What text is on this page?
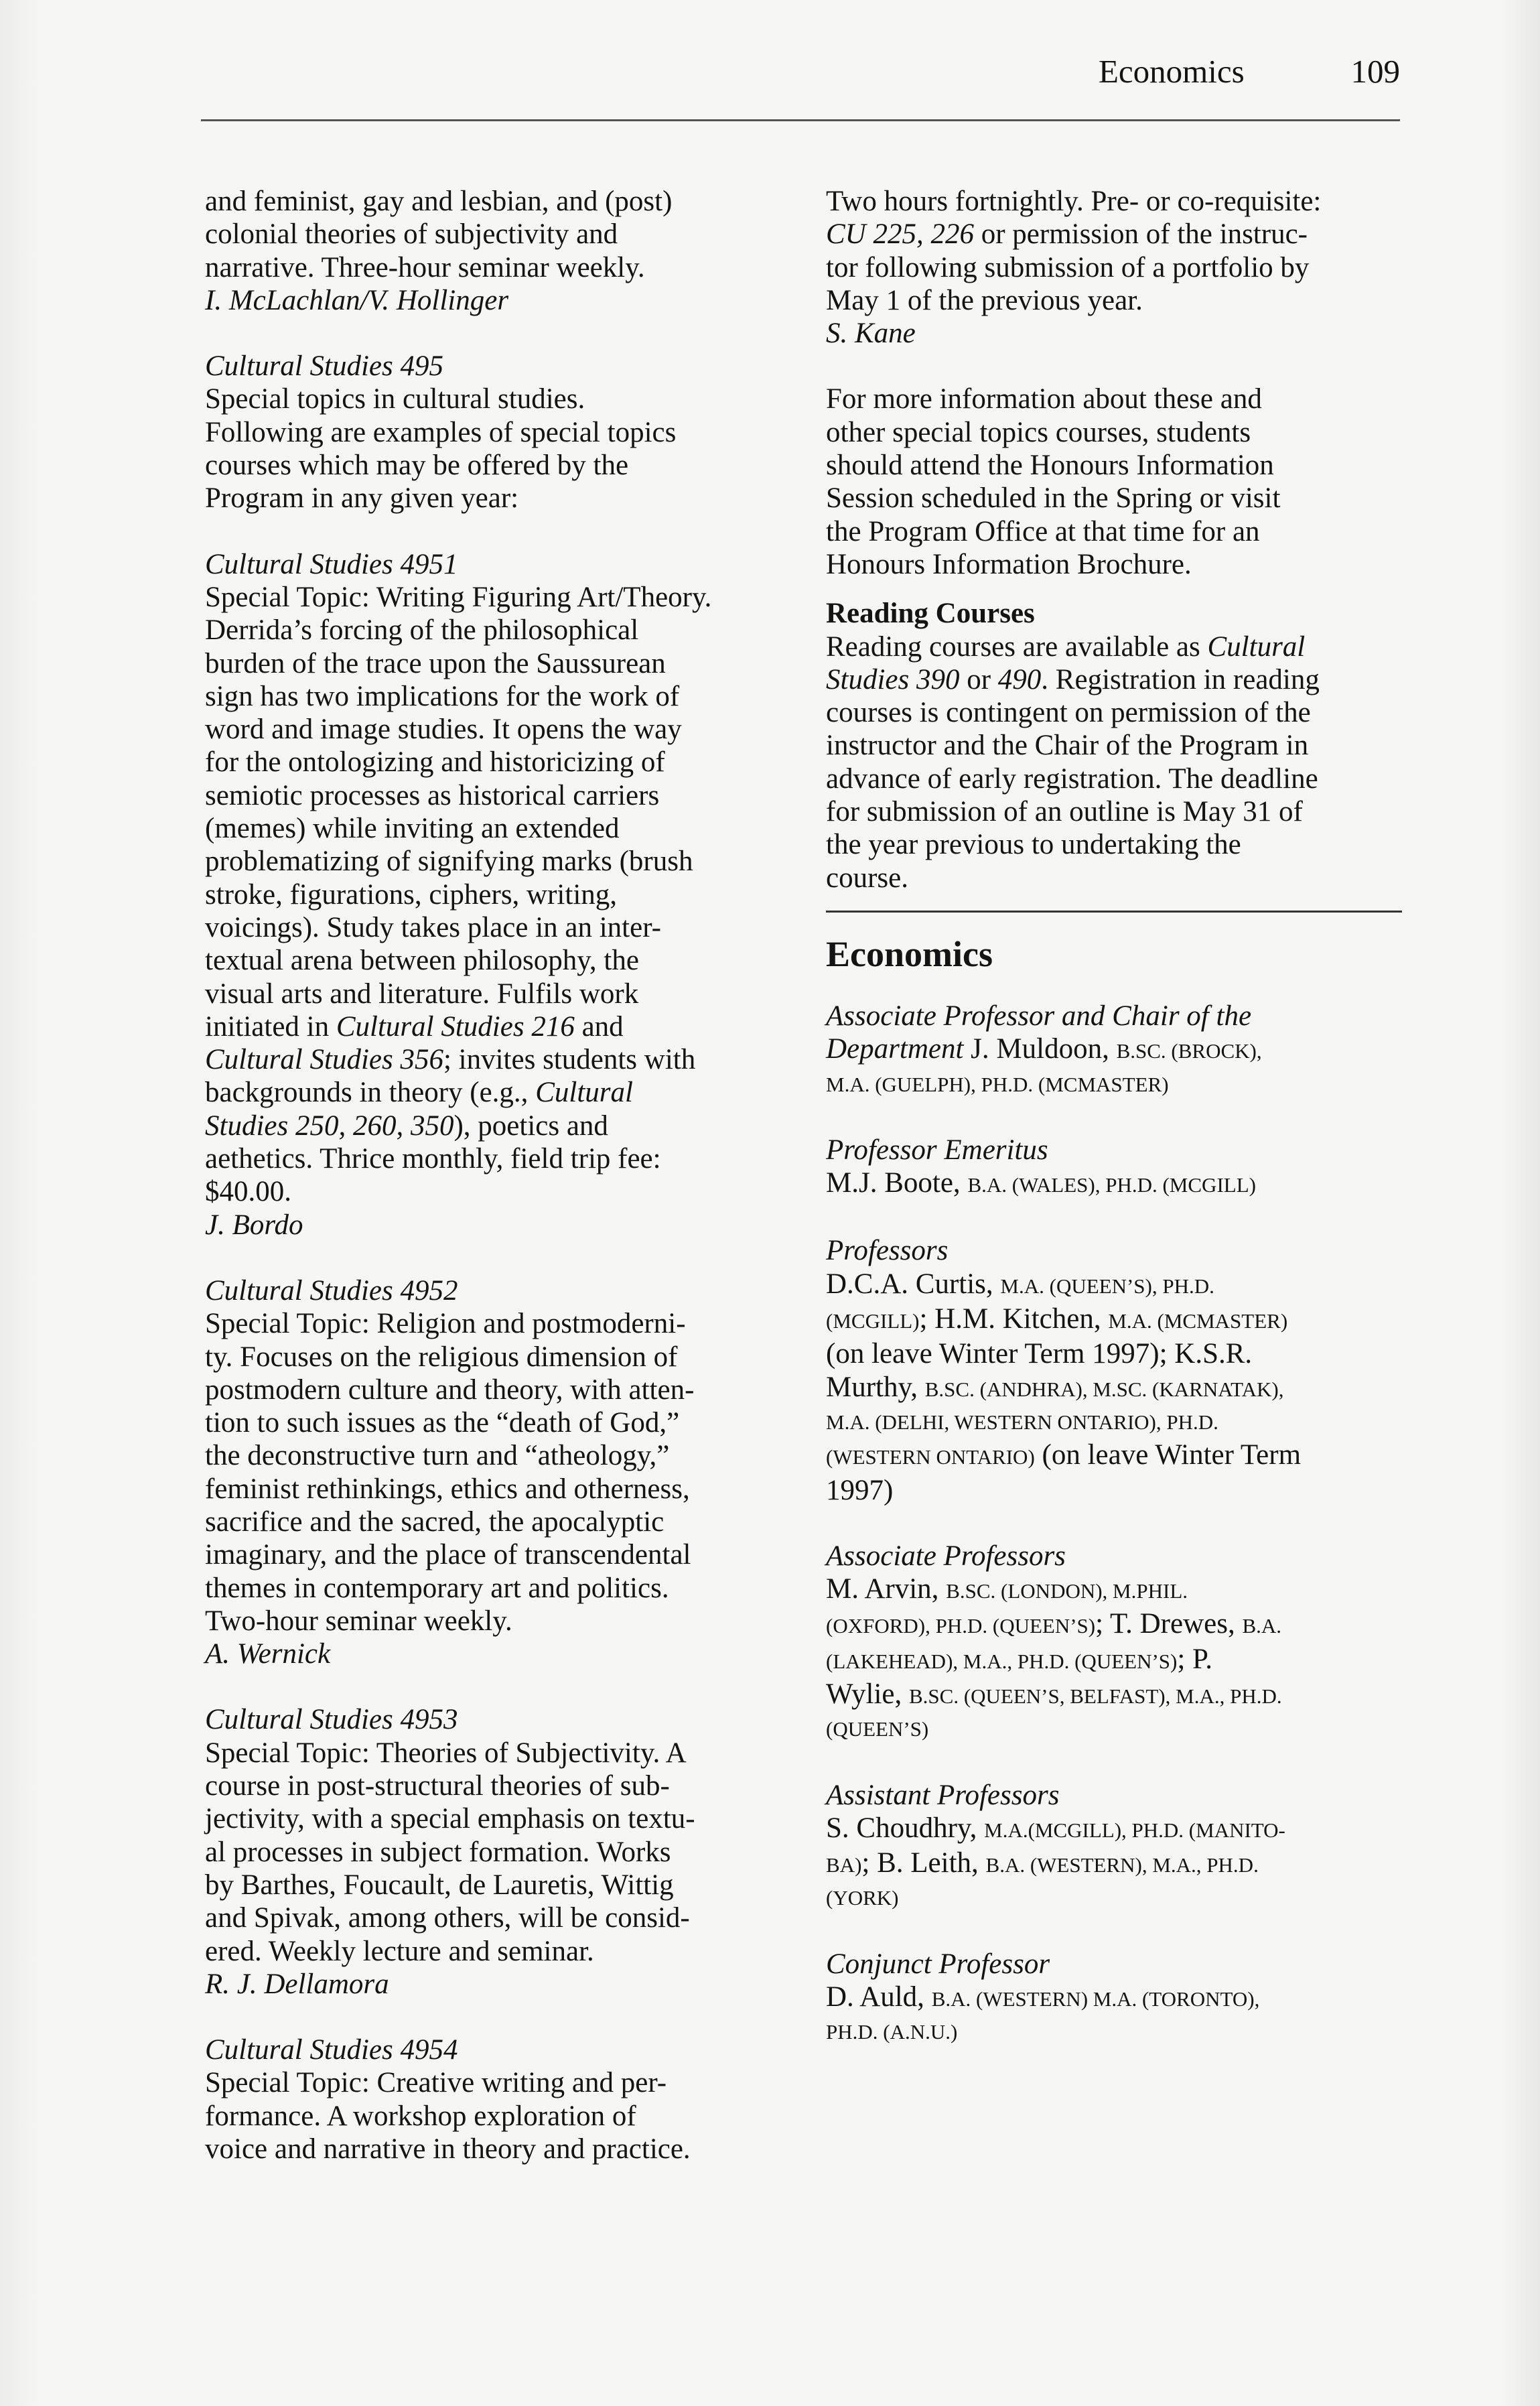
Economics	109
and feminist, gay and lesbian, and (post)
colonial theories of subjectivity and
narrative. Three-hour seminar weekly.
I. McLachlan/V. Hollinger
Cultural Studies 495
Special topics in cultural studies.
Following are examples of special topics
courses which may be offered by the
Program in any given year:
Cultural Studies 4951
Special Topic: Writing Figuring Art/Theory.
Derrida’s forcing of the philosophical
burden of the trace upon the Saussurean
sign has two implications for the work of
word and image studies. It opens the way
for the ontologizing and historicizing of
semiotic processes as historical carriers
(memes) while inviting an extended
problematizing of signifying marks (brush
stroke, figurations, ciphers, writing,
voicings). Study takes place in an inter-
textual arena between philosophy, the
visual arts and literature. Fulfils work
initiated in Cultural Studies 216 and
Cultural Studies 356; invites students with
backgrounds in theory (e.g., Cultural
Studies 250, 260, 350), poetics and
aethetics. Thrice monthly, field trip fee:
$40.00.
J. Bordo
Cultural Studies 4952
Special Topic: Religion and postmoderni-
ty. Focuses on the religious dimension of
postmodern culture and theory, with atten-
tion to such issues as the “death of God,”
the deconstructive turn and “atheology,”
feminist rethinkings, ethics and otherness,
sacrifice and the sacred, the apocalyptic
imaginary, and the place of transcendental
themes in contemporary art and politics.
Two-hour seminar weekly.
A. Wernick
Cultural Studies 4953
Special Topic: Theories of Subjectivity. A
course in post-structural theories of sub-
jectivity, with a special emphasis on textu-
al processes in subject formation. Works
by Barthes, Foucault, de Lauretis, Wittig
and Spivak, among others, will be consid-
ered. Weekly lecture and seminar.
R. J. Dellamora
Cultural Studies 4954
Special Topic: Creative writing and per-
formance. A workshop exploration of
voice and narrative in theory and practice.
Two hours fortnightly. Pre- or co-requisite:
CU 225, 226 or permission of the instruc-
tor following submission of a portfolio by
May 1 of the previous year.
S. Kane
For more information about these and
other special topics courses, students
should attend the Honours Information
Session scheduled in the Spring or visit
the Program Office at that time for an
Honours Information Brochure.
Reading Courses
Reading courses are available as Cultural
Studies 390 or 490. Registration in reading
courses is contingent on permission of the
instructor and the Chair of the Program in
advance of early registration. The deadline
for submission of an outline is May 31 of
the year previous to undertaking the
course.
Economics
Associate Professor and Chair of the
Department J. Muldoon, B.SC. (BROCK),
M.A. (GUELPH), PH.D. (MCMASTER)
Professor Emeritus
M.J. Boote, B.A. (WALES), PH.D. (MCGILL)
Professors
D.C.A. Curtis, M.A. (QUEEN’S), PH.D.
(MCGILL); H.M. Kitchen, M.A. (MCMASTER)
(on leave Winter Term 1997); K.S.R.
Murthy, B.SC. (ANDHRA), M.SC. (KARNATAK),
M.A. (DELHI, WESTERN ONTARIO), PH.D.
(WESTERN ONTARIO) (on leave Winter Term
1997)
Associate Professors
M. Arvin, B.SC. (LONDON), M.PHIL.
(OXFORD), PH.D. (QUEEN’S); T. Drewes, B.A.
(LAKEHEAD), M.A., PH.D. (QUEEN’S); P.
Wylie, B.SC. (QUEEN’S, BELFAST), M.A., PH.D.
(QUEEN’S)
Assistant Professors
S. Choudhry, M.A.(MCGILL), PH.D. (MANITO-
BA); B. Leith, B.A. (WESTERN), M.A., PH.D.
(YORK)
Conjunct Professor
D. Auld, B.A. (WESTERN) M.A. (TORONTO),
PH.D. (A.N.U.)
